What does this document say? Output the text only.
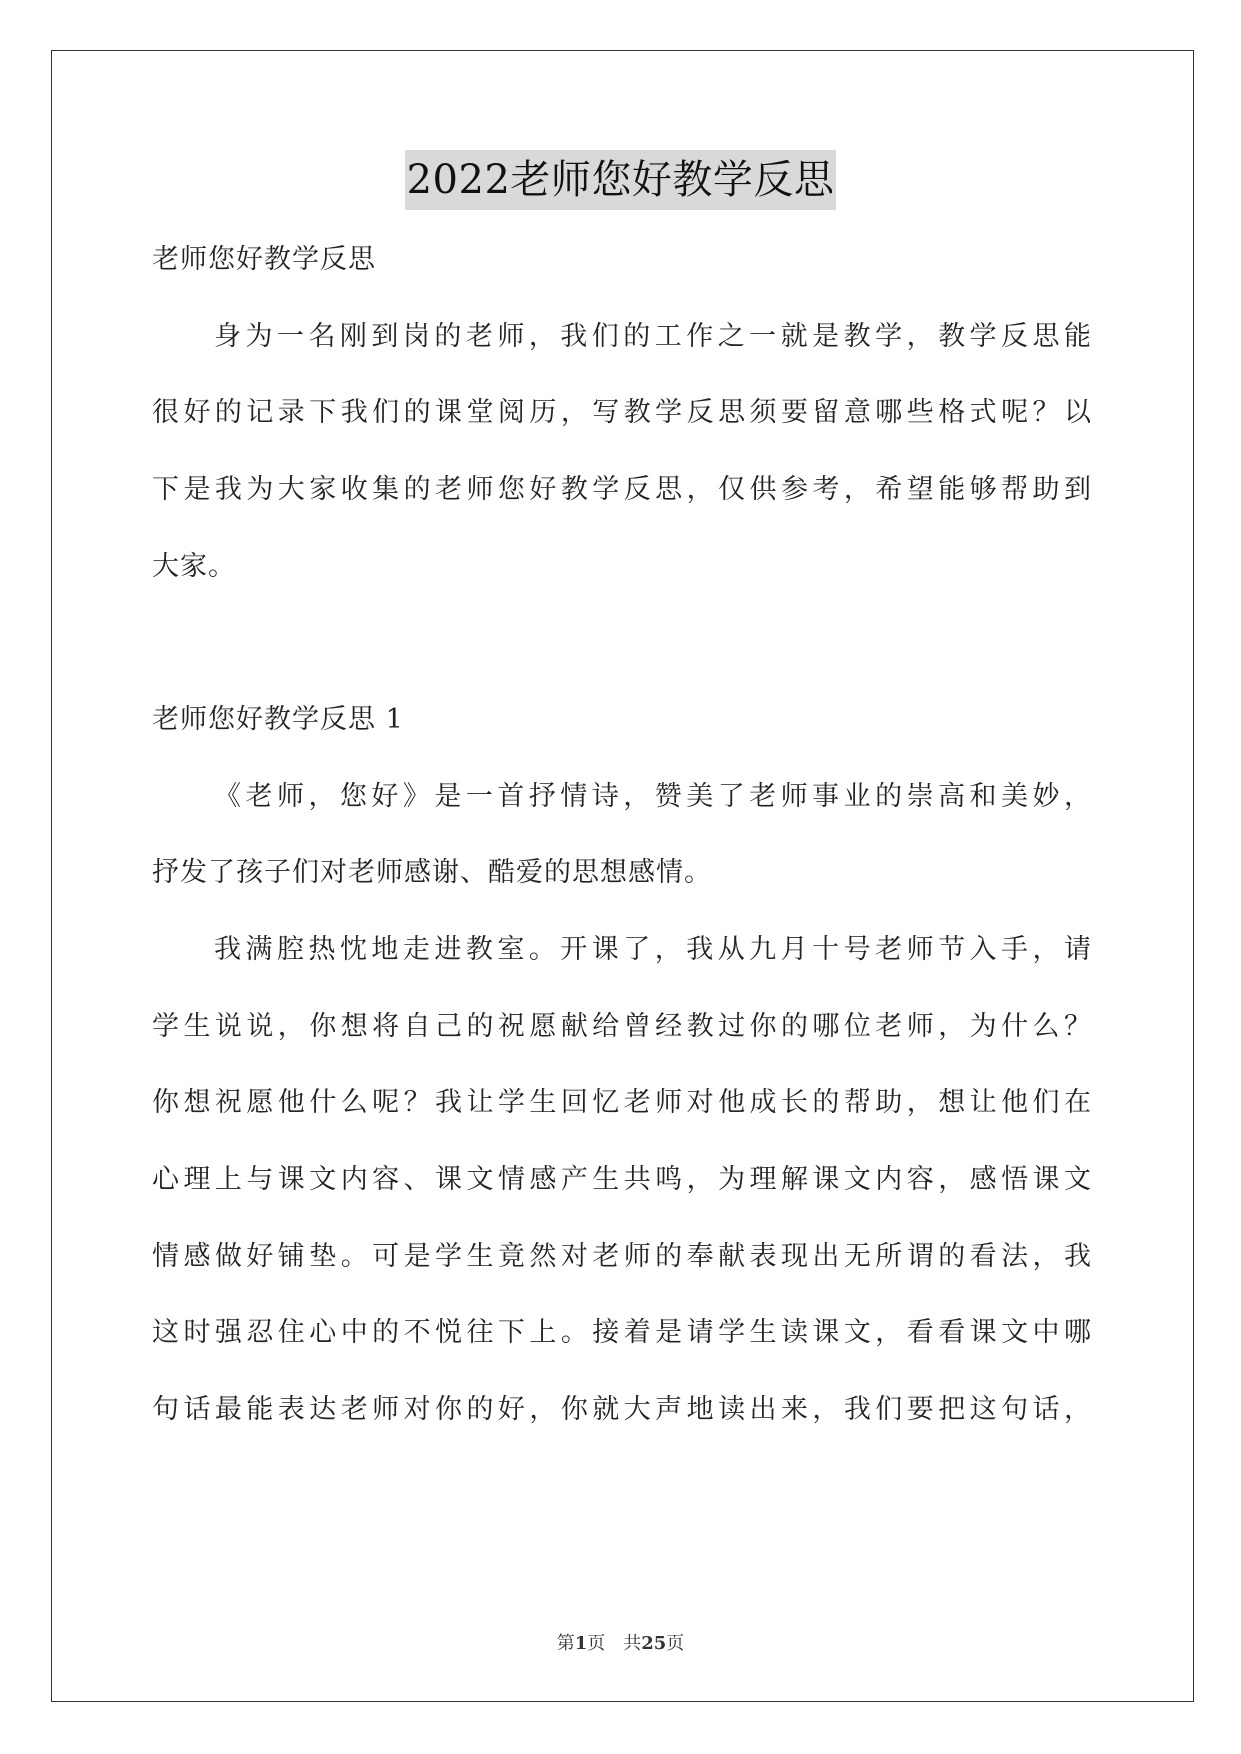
2022老师您好教学反思
老师您好教学反思
身为一名刚到岗的老师，我们的工作之一就是教学，教学反思能
很好的记录下我们的课堂阅历，写教学反思须要留意哪些格式呢？以
下是我为大家收集的老师您好教学反思，仅供参考，希望能够帮助到
大家。
老师您好教学反思 1
《老师，您好》是一首抒情诗，赞美了老师事业的崇高和美妙，
抒发了孩子们对老师感谢、酷爱的思想感情。
我满腔热忱地走进教室。开课了，我从九月十号老师节入手，请
学生说说，你想将自己的祝愿献给曾经教过你的哪位老师，为什么？
你想祝愿他什么呢？我让学生回忆老师对他成长的帮助，想让他们在
心理上与课文内容、课文情感产生共鸣，为理解课文内容，感悟课文
情感做好铺垫。可是学生竟然对老师的奉献表现出无所谓的看法，我
这时强忍住心中的不悦往下上。接着是请学生读课文，看看课文中哪
句话最能表达老师对你的好，你就大声地读出来，我们要把这句话，
第1页　共25页
